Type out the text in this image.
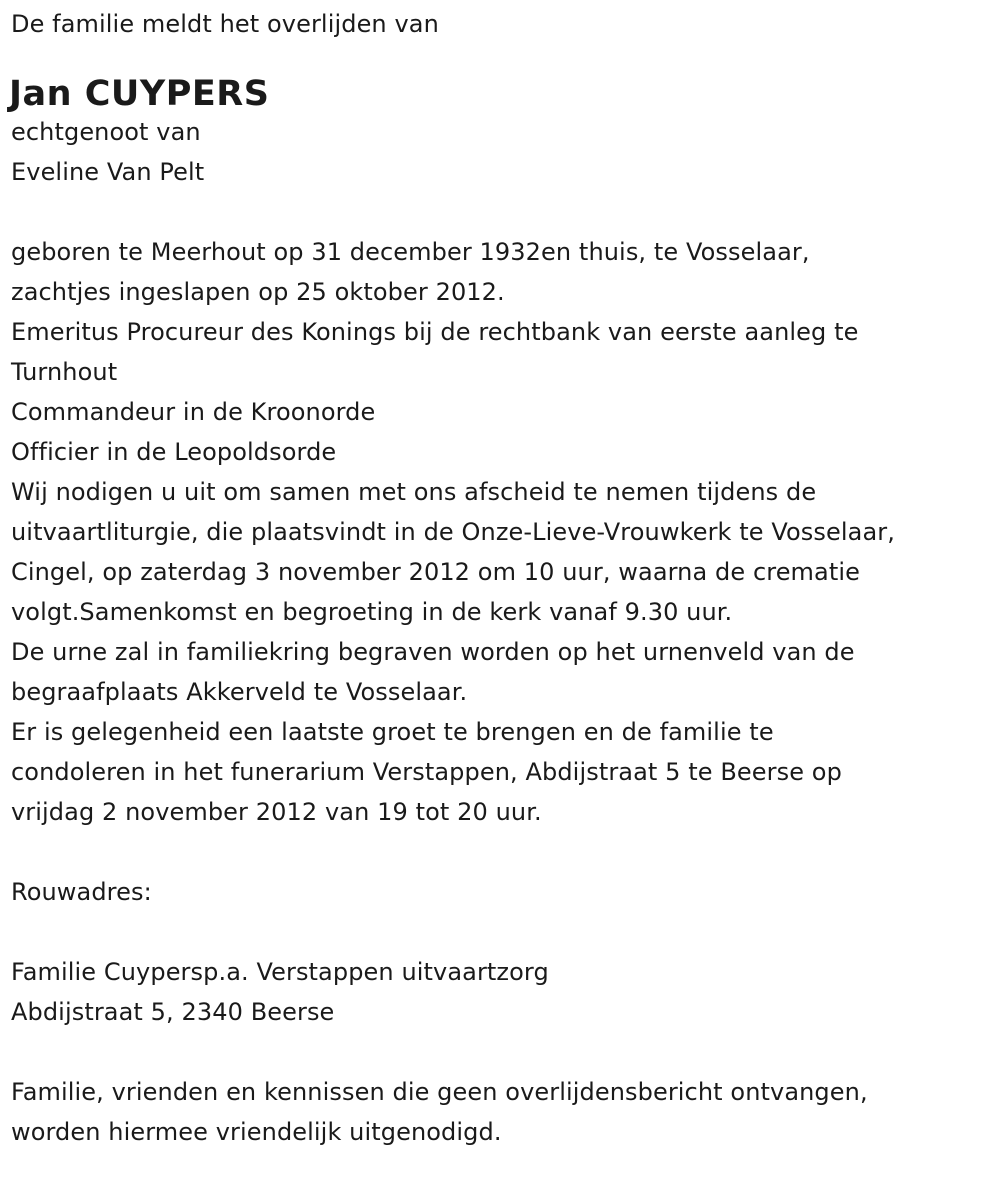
De familie meldt het overlijden van

Jan CUYPERS

echtgenoot van

Eveline Van Pelt

geboren te Meerhout op 31 december 1932en thuis, te Vosselaar,

zachtjes ingeslapen op 25 oktober 2012.

Emeritus Procureur des Konings bij de rechtbank van eerste aanleg te

Turnhout

Commandeur in de Kroonorde

Officier in de Leopoldsorde

Wij nodigen u uit om samen met ons afscheid te nemen tijdens de

uitvaartliturgie, die plaatsvindt in de Onze-Lieve-Vrouwkerk te Vosselaar,

Cingel, op zaterdag 3 november 2012 om 10 uur, waarna de crematie

volgt.Samenkomst en begroeting in de kerk vanaf 9.30 uur.

De urne zal in familiekring begraven worden op het urnenveld van de

begraafplaats Akkerveld te Vosselaar.

Er is gelegenheid een laatste groet te brengen en de familie te

condoleren in het funerarium Verstappen, Abdijstraat 5 te Beerse op

vrijdag 2 november 2012 van 19 tot 20 uur.

Rouwadres:

Familie Cuypersp.a. Verstappen uitvaartzorg

Abdijstraat 5, 2340 Beerse

Familie, vrienden en kennissen die geen overlijdensbericht ontvangen,

worden hiermee vriendelijk uitgenodigd.
